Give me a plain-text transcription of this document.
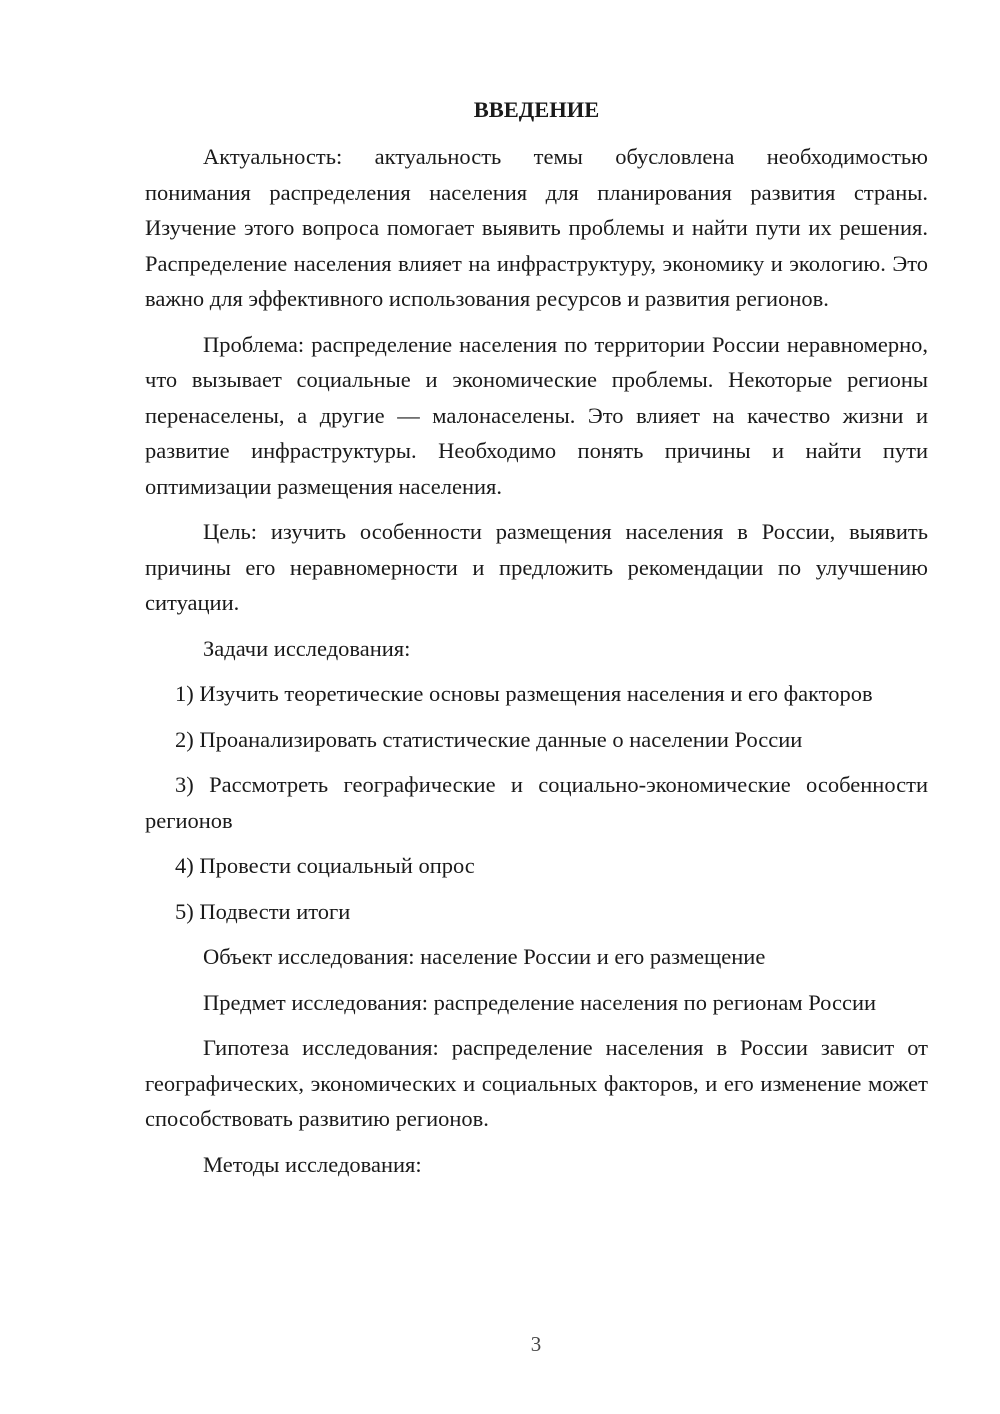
ВВЕДЕНИЕ

Актуальность: актуальность темы обусловлена необходимостью понимания распределения населения для планирования развития страны. Изучение этого вопроса помогает выявить проблемы и найти пути их решения. Распределение населения влияет на инфраструктуру, экономику и экологию. Это важно для эффективного использования ресурсов и развития регионов.

Проблема: распределение населения по территории России неравномерно, что вызывает социальные и экономические проблемы. Некоторые регионы перенаселены, а другие — малонаселены. Это влияет на качество жизни и развитие инфраструктуры. Необходимо понять причины и найти пути оптимизации размещения населения.

Цель: изучить особенности размещения населения в России, выявить причины его неравномерности и предложить рекомендации по улучшению ситуации.

Задачи исследования:

1) Изучить теоретические основы размещения населения и его факторов

2) Проанализировать статистические данные о населении России

3) Рассмотреть географические и социально-экономические особенности регионов

4) Провести социальный опрос

5) Подвести итоги

Объект исследования: население России и его размещение

Предмет исследования: распределение населения по регионам России

Гипотеза исследования: распределение населения в России зависит от географических, экономических и социальных факторов, и его изменение может способствовать развитию регионов.

Методы исследования:

3
